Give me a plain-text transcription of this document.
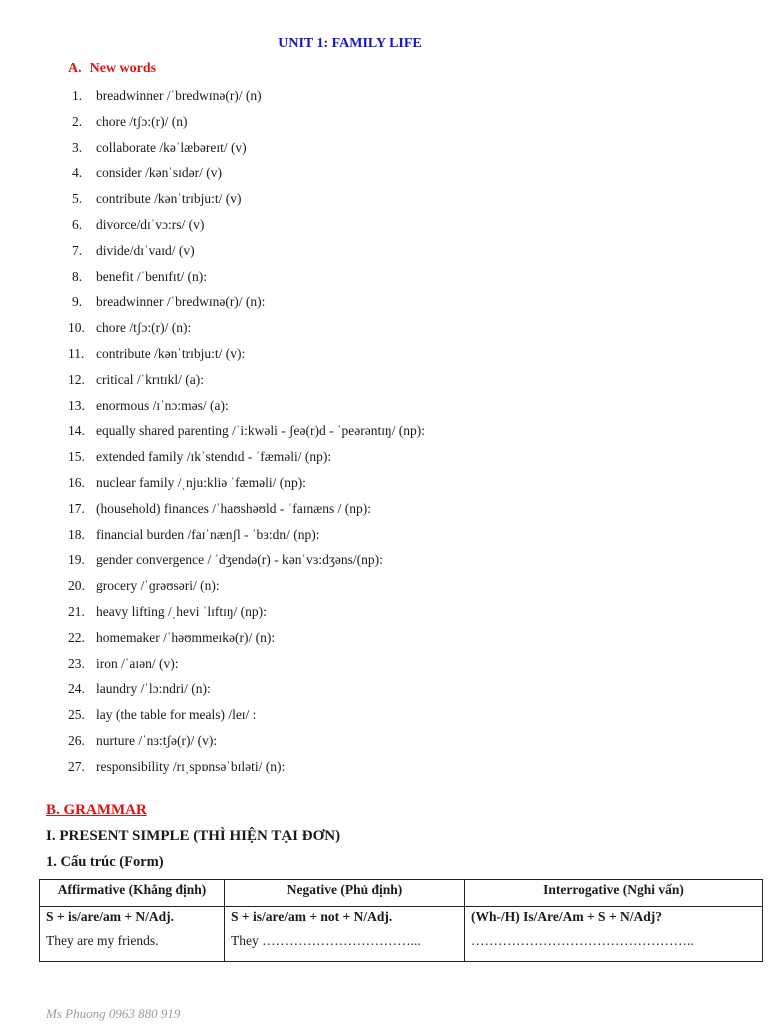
UNIT 1: FAMILY LIFE
A. New words
1.	breadwinner /ˈbredwɪnə(r)/ (n)
2.	chore /tʃɔ:(r)/ (n)
3.	collaborate /kəˈlæbəreɪt/ (v)
4.	consider /kənˈsɪdər/ (v)
5.	contribute /kənˈtrɪbju:t/ (v)
6.	divorce/dɪˈvɔ:rs/ (v)
7.	divide/dɪˈvaɪd/ (v)
8.	benefit /ˈbenɪfɪt/ (n):
9.	breadwinner /ˈbredwɪnə(r)/ (n):
10. chore /tʃɔ:(r)/ (n):
11. contribute /kənˈtrɪbju:t/ (v):
12. critical /ˈkrɪtɪkl/ (a):
13. enormous /ɪˈnɔ:məs/ (a):
14. equally shared parenting /ˈi:kwəli - ʃeə(r)d - ˈpeərəntɪŋ/ (np):
15. extended family /ɪkˈstendɪd - ˈfæməli/ (np):
16. nuclear family /ˌnju:kliə ˈfæməli/ (np):
17. (household) finances /ˈhaʊshəʊld - ˈfaɪnæns / (np):
18. financial burden /faɪˈnænʃl - ˈbɜ:dn/ (np):
19. gender convergence / ˈdʒendə(r) - kənˈvɜ:dʒəns/(np):
20. grocery /ˈɡrəʊsəri/ (n):
21. heavy lifting /ˌhevi ˈlɪftɪŋ/ (np):
22. homemaker /ˈhəʊmmeɪkə(r)/ (n):
23. iron /ˈaɪən/ (v):
24. laundry /ˈlɔ:ndri/ (n):
25. lay (the table for meals) /leɪ/ :
26. nurture /ˈnɜ:tʃə(r)/ (v):
27. responsibility /rɪˌspɒnsəˈbɪləti/ (n):
B. GRAMMAR
I. PRESENT SIMPLE (THÌ HIỆN TẠI ĐƠN)
1. Cấu trúc (Form)
Affirmative (Khẳng định)	Negative (Phủ định)	Interrogative (Nghi vấn)
S + is/are/am + N/Adj.	S + is/are/am + not + N/Adj.	(Wh-/H) Is/Are/Am + S + N/Adj?
They are my friends.	They ……………………………...	…………………………………………..
Ms Phuong 0963 880 919
